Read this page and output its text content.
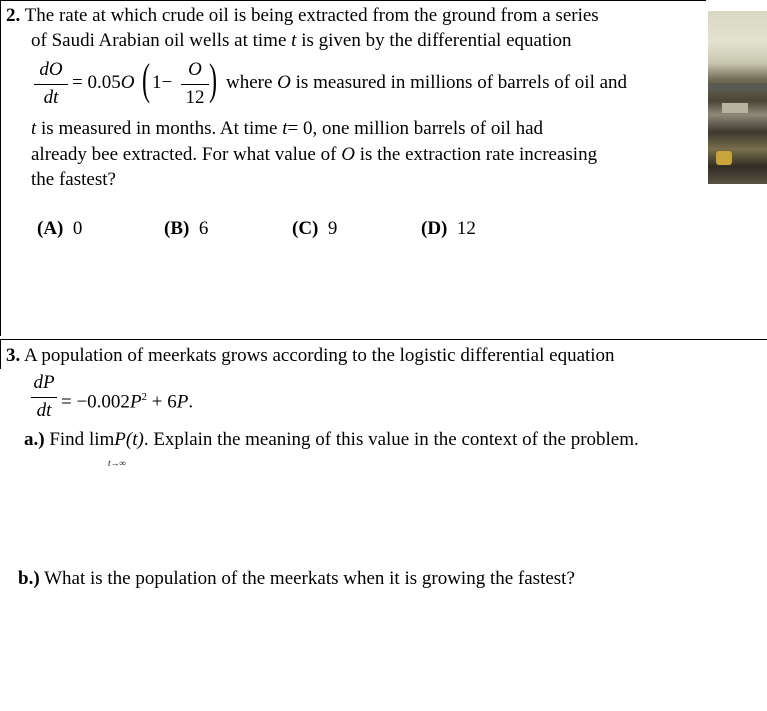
2. The rate at which crude oil is being extracted from the ground from a series
of Saudi Arabian oil wells at time t is given by the differential equation
dO
dt
= 0.05O ( 1−
O
12 ) where O is measured in millions of barrels of oil and
t is measured in months. At time t= 0, one million barrels of oil had
already bee extracted. For what value of O is the extraction rate increasing
the fastest?
(A) 0	(B) 6	(C) 9	(D) 12
3. A population of meerkats grows according to the logistic differential equation
dP
dt = $-0.002P^2 + 6P$.
a.) Find limP(t). Explain the meaning of this value in the context of the problem.
t→∞
b.) What is the population of the meerkats when it is growing the fastest?
